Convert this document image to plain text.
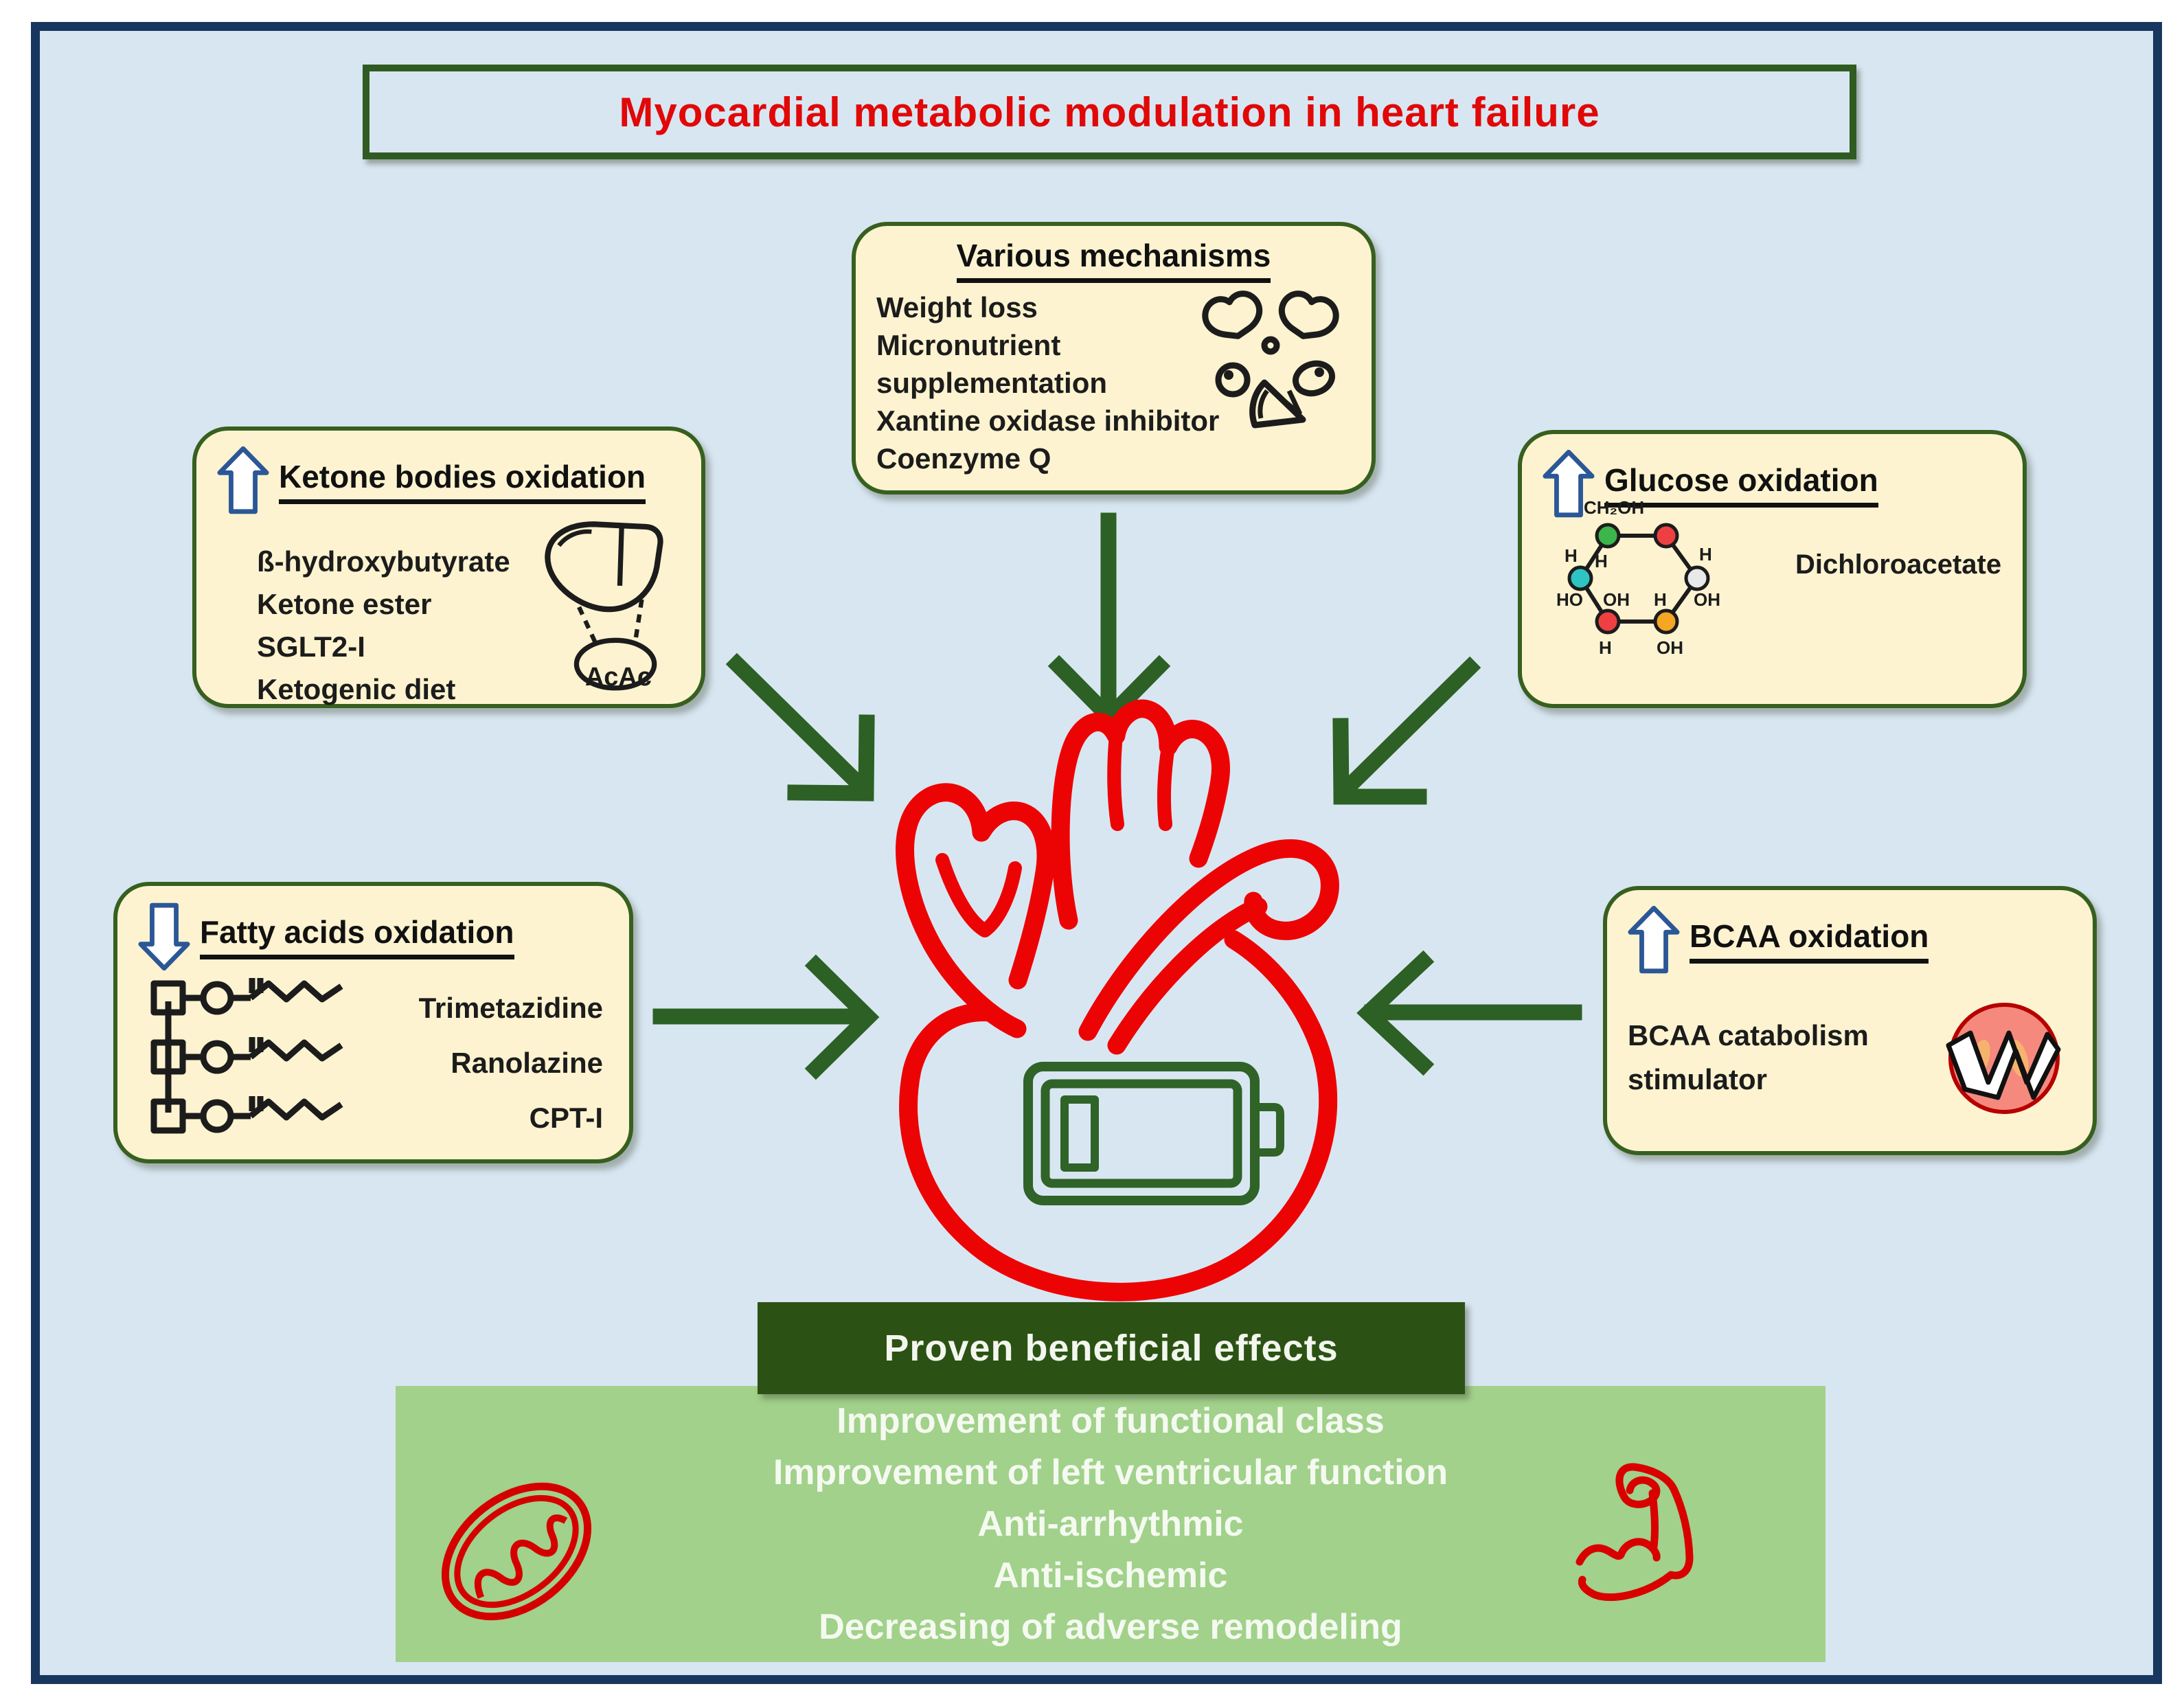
Myocardial metabolic modulation in heart failure
Various mechanisms
Weight loss
Micronutrient
supplementation
Xantine oxidase inhibitor
Coenzyme Q
Ketone bodies oxidation
ß-hydroxybutyrate
Ketone ester
SGLT2-I
Ketogenic diet	AcAc
Glucose oxidation
CH₂OH
H H	H
HO OH H OH
H	OH
Dichloroacetate
Fatty acids oxidation
Trimetazidine
Ranolazine
CPT-I
BCAA oxidation
BCAA catabolism
stimulator
Proven beneficial effects
Improvement of functional class
Improvement of left ventricular function
Anti-arrhythmic
Anti-ischemic
Decreasing of adverse remodeling
